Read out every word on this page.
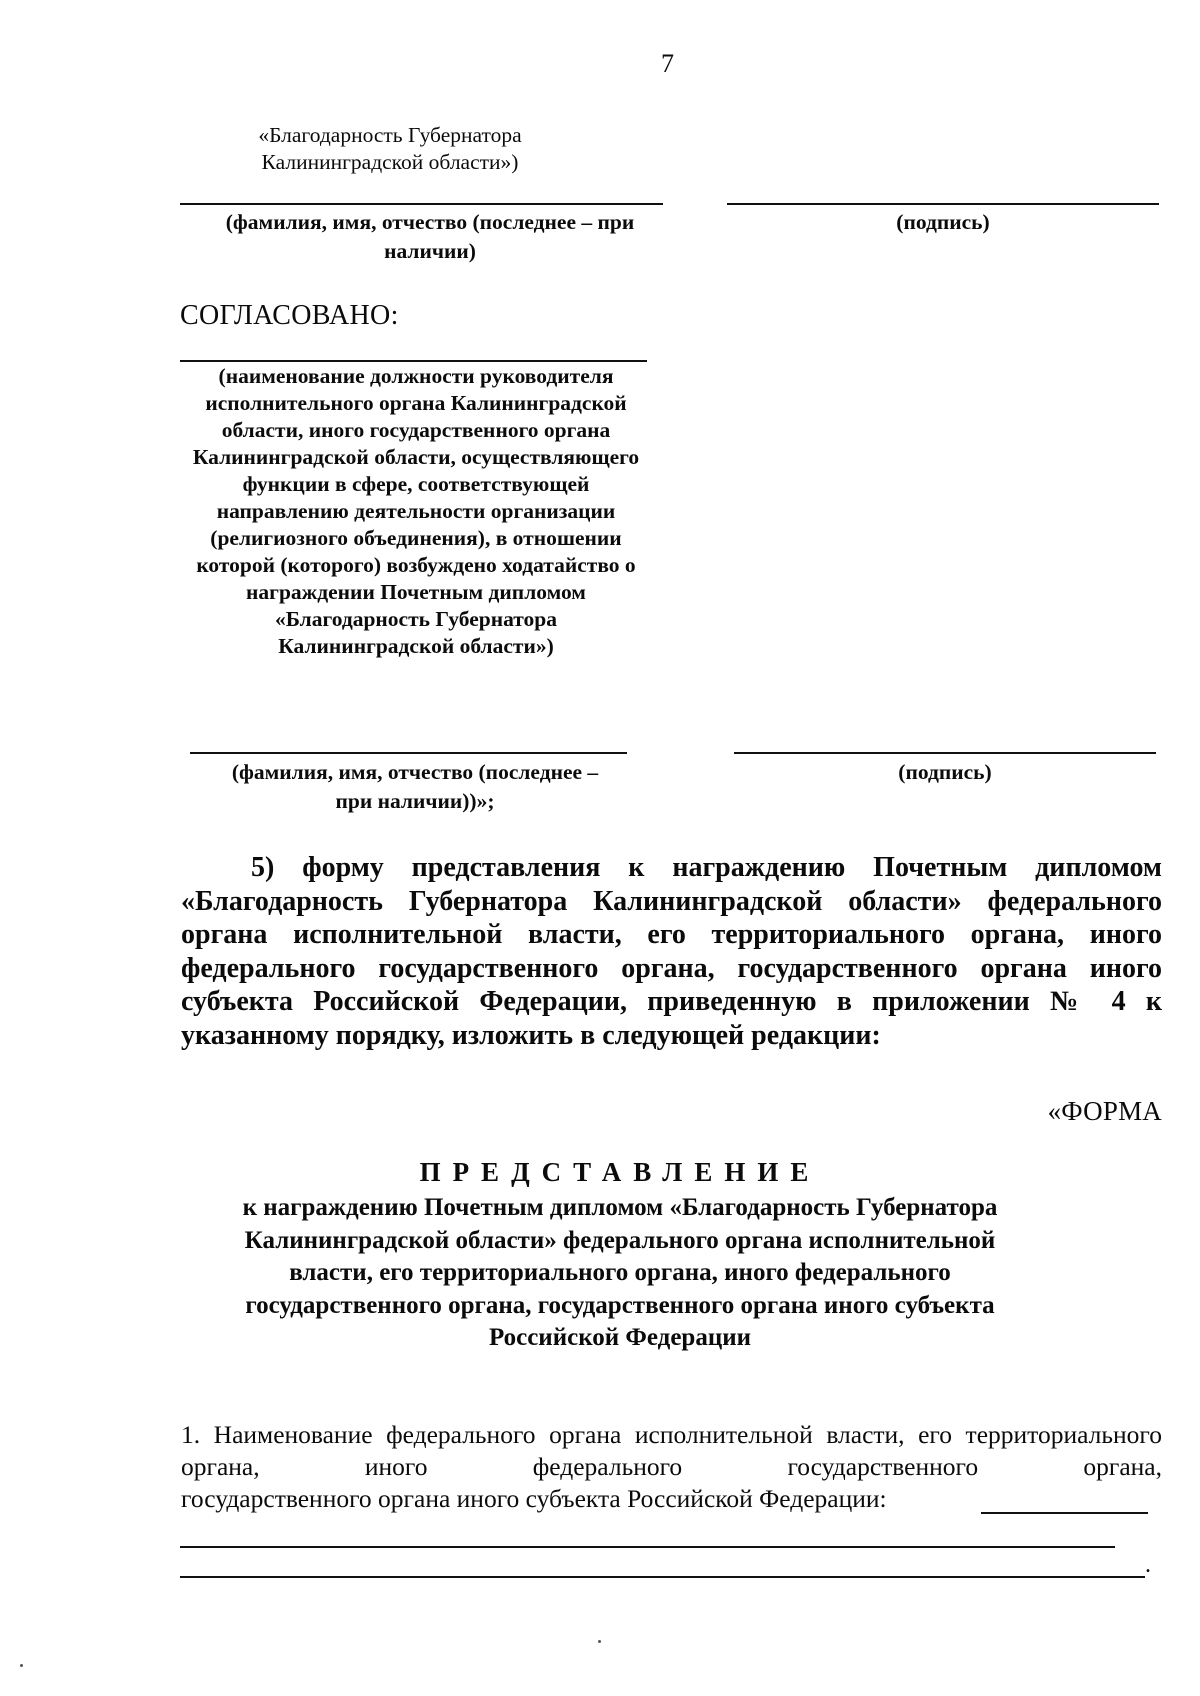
7
«Благодарность Губернатора Калининградской области»)
(фамилия, имя, отчество (последнее – при наличии)
(подпись)
СОГЛАСОВАНО:
(наименование должности руководителя исполнительного органа Калининградской области, иного государственного органа Калининградской области, осуществляющего функции в сфере, соответствующей направлению деятельности организации (религиозного объединения), в отношении которой (которого) возбуждено ходатайство о награждении Почетным дипломом «Благодарность Губернатора Калининградской области»)
(фамилия, имя, отчество (последнее – при наличии))»;
(подпись)
5) форму представления к награждению Почетным дипломом «Благодарность Губернатора Калининградской области» федерального органа исполнительной власти, его территориального органа, иного федерального государственного органа, государственного органа иного субъекта Российской Федерации, приведенную в приложении № 4 к указанному порядку, изложить в следующей редакции:
«ФОРМА
ПРЕДСТАВЛЕНИЕ
к награждению Почетным дипломом «Благодарность Губернатора Калининградской области» федерального органа исполнительной власти, его территориального органа, иного федерального государственного органа, государственного органа иного субъекта Российской Федерации
1. Наименование федерального органа исполнительной власти, его территориального органа, иного федерального государственного органа,
государственного органа иного субъекта Российской Федерации:
.
